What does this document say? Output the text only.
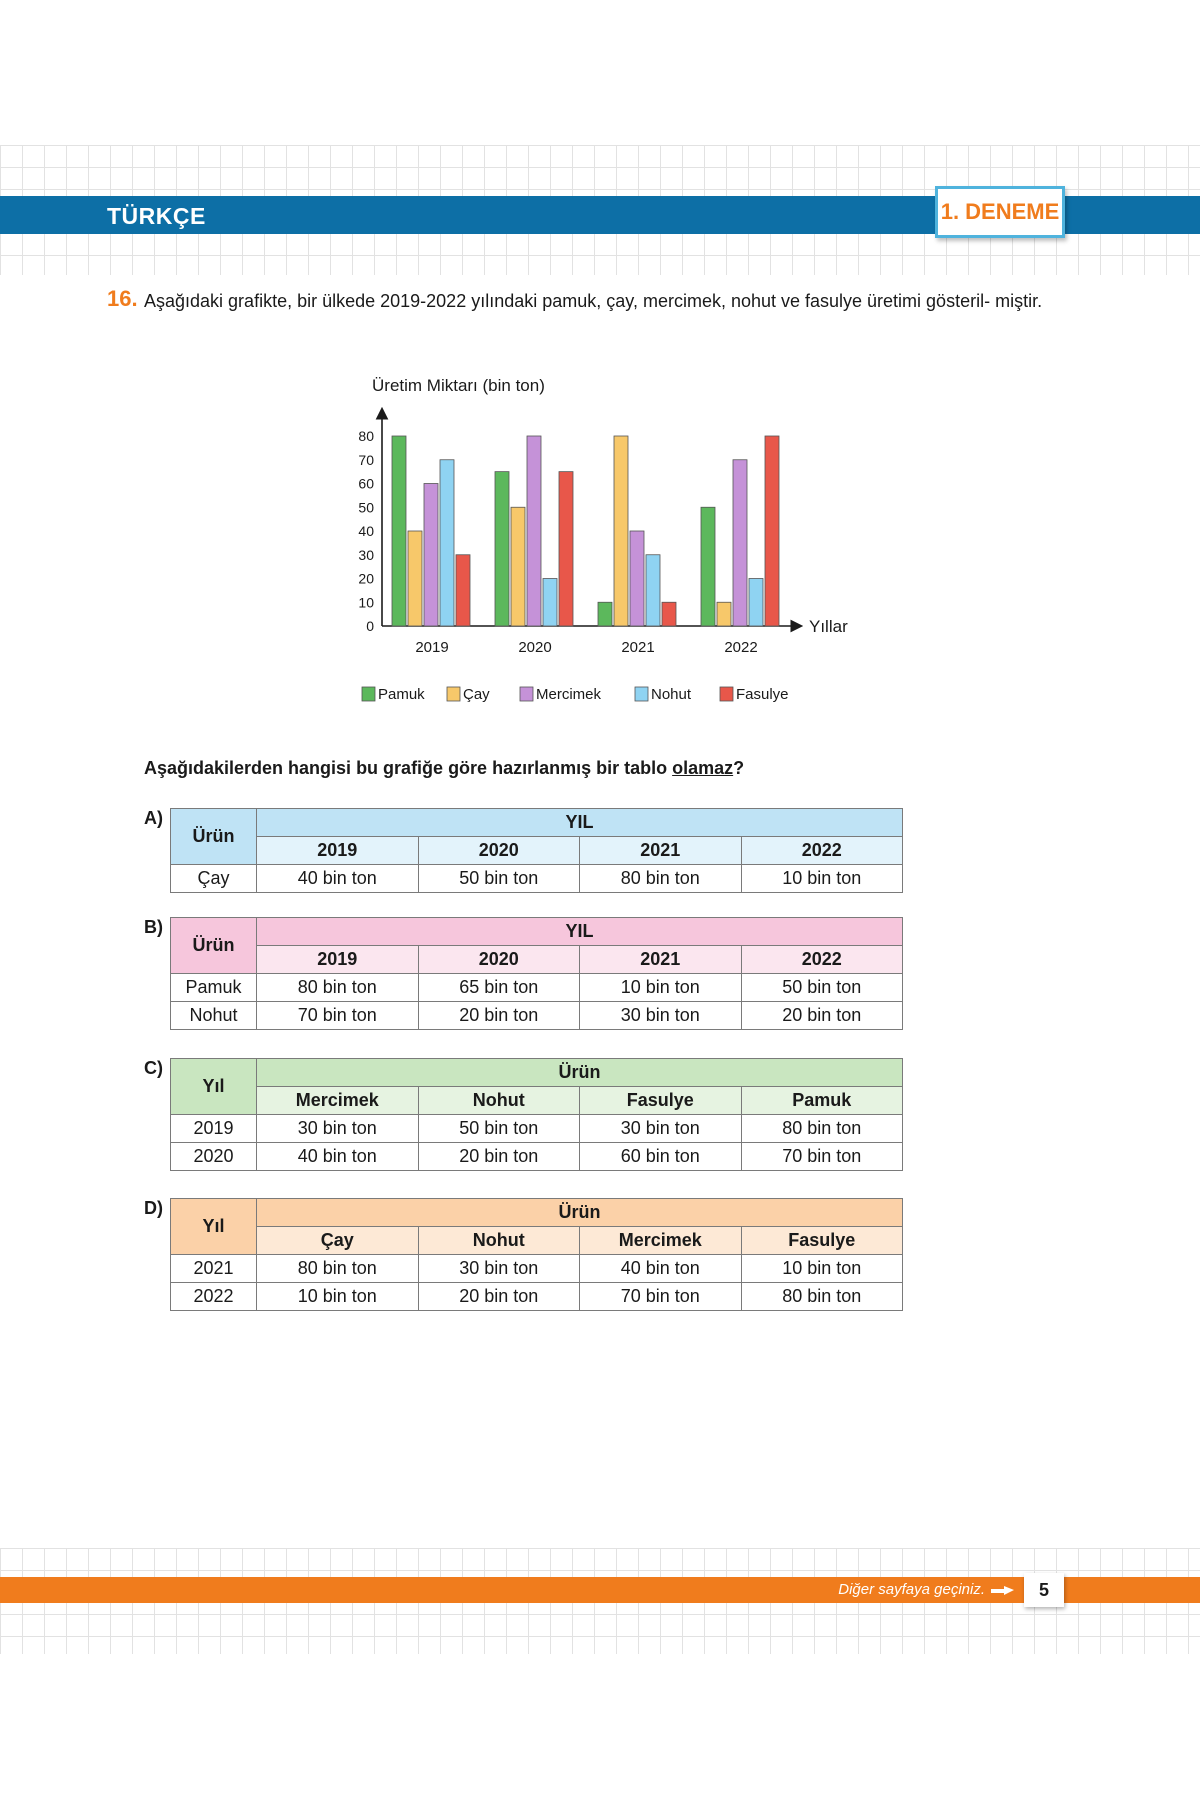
TÜRKÇE	1. DENEME
16. Aşağıdaki grafikte, bir ülkede 2019-2022 yılındaki pamuk, çay, mercimek, nohut ve fasulye üretimi gösteril- miştir.
Üretim Miktarı (bin ton)
Yıllar
0
10
20
30
40
50
60
70
80
2019	2020	2021	2022
Pamuk	Çay	Mercimek	Nohut	Fasulye
Aşağıdakilerden hangisi bu grafiğe göre hazırlanmış bir tablo olamaz?
A)
Ürün	YIL			
	2019	2020	2021	2022
Çay	40 bin ton	50 bin ton	80 bin ton	10 bin ton
B)
Ürün	YIL			
	2019	2020	2021	2022
Pamuk	80 bin ton	65 bin ton	10 bin ton	50 bin ton
Nohut	70 bin ton	20 bin ton	30 bin ton	20 bin ton
C)
Yıl	Ürün			
	Mercimek	Nohut	Fasulye	Pamuk
2019	30 bin ton	50 bin ton	30 bin ton	80 bin ton
2020	40 bin ton	20 bin ton	60 bin ton	70 bin ton
D)
Yıl	Ürün			
	Çay	Nohut	Mercimek	Fasulye
2021	80 bin ton	30 bin ton	40 bin ton	10 bin ton
2022	10 bin ton	20 bin ton	70 bin ton	80 bin ton
Diğer sayfaya geçiniz.	5
